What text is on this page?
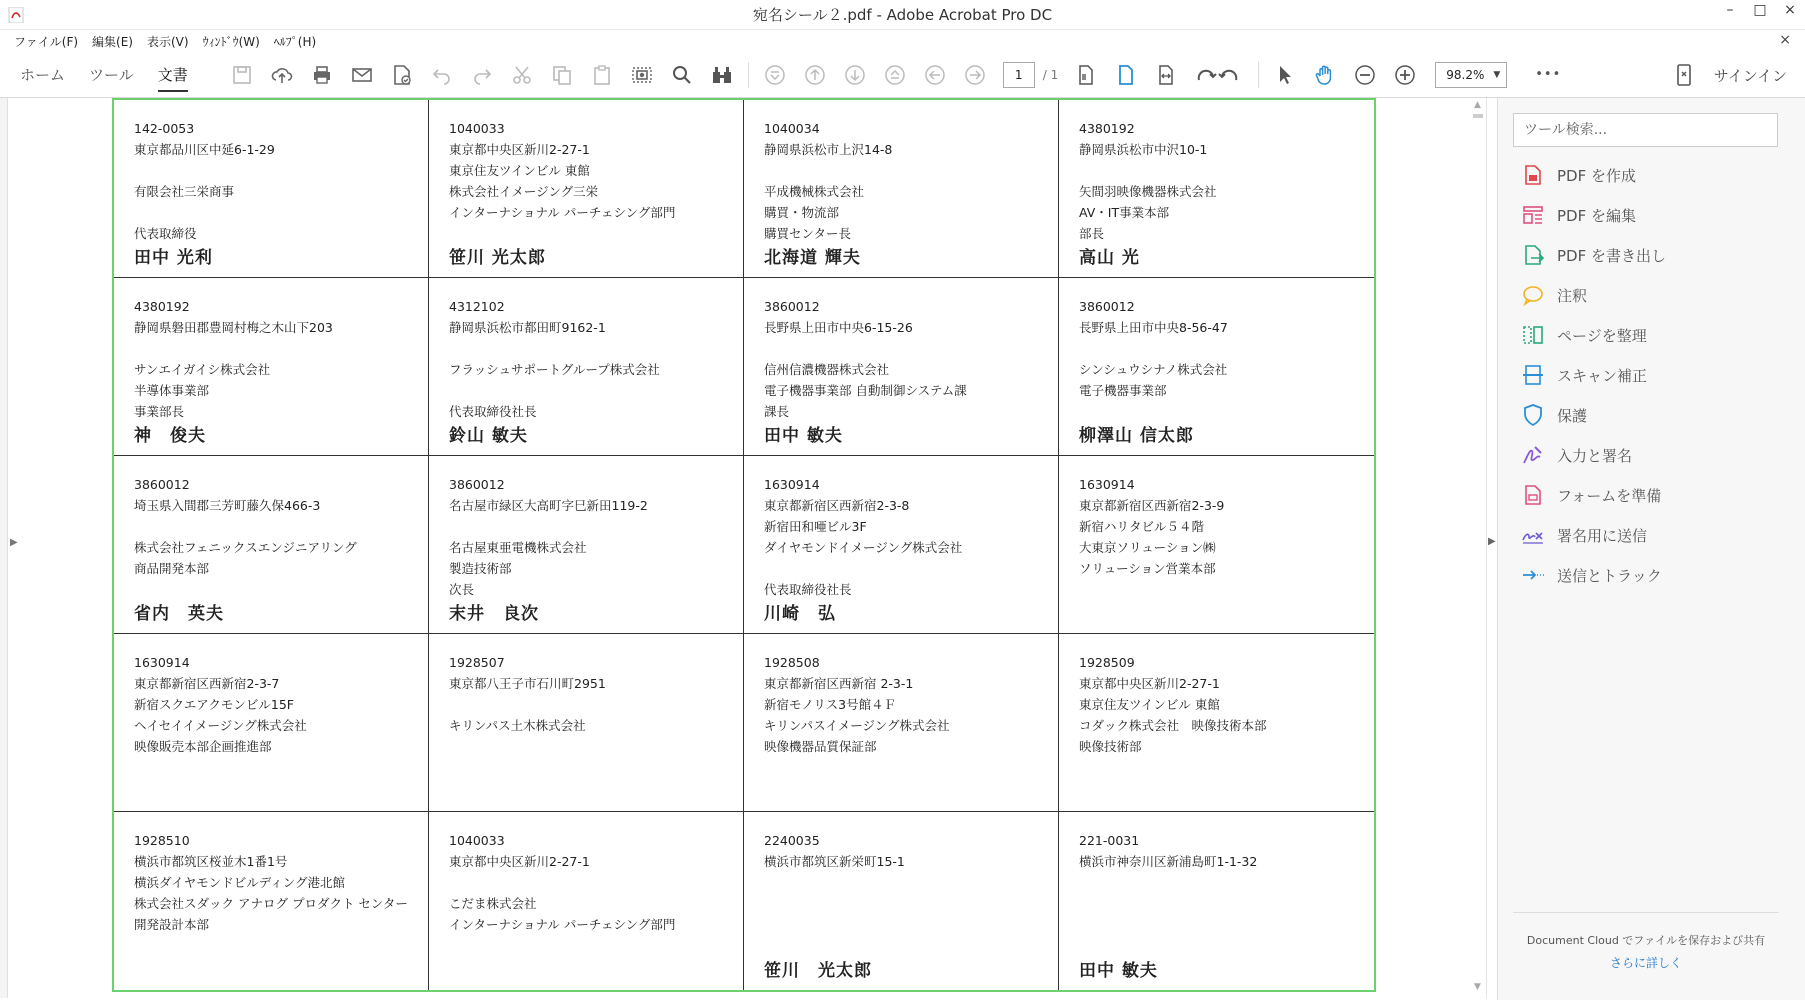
宛名シール２.pdf - Adobe Acrobat Pro DC	–	□	×
ファイル(F) 編集(E) 表示(V) ｳｨﾝﾄﾞｳ(W) ﾍﾙﾌﾟ(H)	×
ホーム	ツール	文書	1	/ 1	98.2% ▼	•••	サインイン
▶
142-0053
東京都品川区中延6-1-29
有限会社三栄商事
代表取締役
田中 光利
1040033
東京都中央区新川2-27-1
東京住友ツインビル 東館
株式会社イメージング三栄
インターナショナル パーチェシング部門
笹川 光太郎
1040034
静岡県浜松市上沢14-8
平成機械株式会社
購買・物流部
購買センター長
北海道 輝夫
4380192
静岡県浜松市中沢10-1
矢間羽映像機器株式会社
AV・IT事業本部
部長
高山 光
4380192
静岡県磐田郡豊岡村梅之木山下203
サンエイガイシ株式会社
半導体事業部
事業部長
神　俊夫
4312102
静岡県浜松市都田町9162-1
フラッシュサポートグループ株式会社
代表取締役社長
鈴山 敏夫
3860012
長野県上田市中央6-15-26
信州信濃機器株式会社
電子機器事業部 自動制御システム課
課長
田中 敏夫
3860012
長野県上田市中央8-56-47
シンシュウシナノ株式会社
電子機器事業部
柳澤山 信太郎
3860012
埼玉県入間郡三芳町藤久保466-3
株式会社フェニックスエンジニアリング
商品開発本部
省内　英夫
3860012
名古屋市緑区大高町字巳新田119-2
名古屋東亜電機株式会社
製造技術部
次長
末井　良次
1630914
東京都新宿区西新宿2-3-8
新宿田和唖ビル3F
ダイヤモンドイメージング株式会社
代表取締役社長
川崎　弘
1630914
東京都新宿区西新宿2-3-9
新宿ハリタビル５４階
大東京ソリューション㈱
ソリューション営業本部
1630914
東京都新宿区西新宿2-3-7
新宿スクエアクモンビル15F
ヘイセイイメージング株式会社
映像販売本部企画推進部
1928507
東京都八王子市石川町2951
キリンパス土木株式会社
1928508
東京都新宿区西新宿 2-3-1
新宿モノリス3号館４Ｆ
キリンパスイメージング株式会社
映像機器品質保証部
1928509
東京都中央区新川2-27-1
東京住友ツインビル 東館
コダック株式会社　映像技術本部
映像技術部
1928510
横浜市都筑区桜並木1番1号
横浜ダイヤモンドビルディング港北館
株式会社スダック アナログ プロダクト センター
開発設計本部
1040033
東京都中央区新川2-27-1
こだま株式会社
インターナショナル パーチェシング部門
2240035
横浜市都筑区新栄町15-1
笹川　光太郎
221-0031
横浜市神奈川区新浦島町1-1-32
田中 敏夫
▲
▼
▶
ツール検索...
PDF を作成
PDF を編集
PDF を書き出し
注釈
ページを整理
スキャン補正
保護
入力と署名
フォームを準備
署名用に送信
送信とトラック
Document Cloud でファイルを保存および共有
さらに詳しく
